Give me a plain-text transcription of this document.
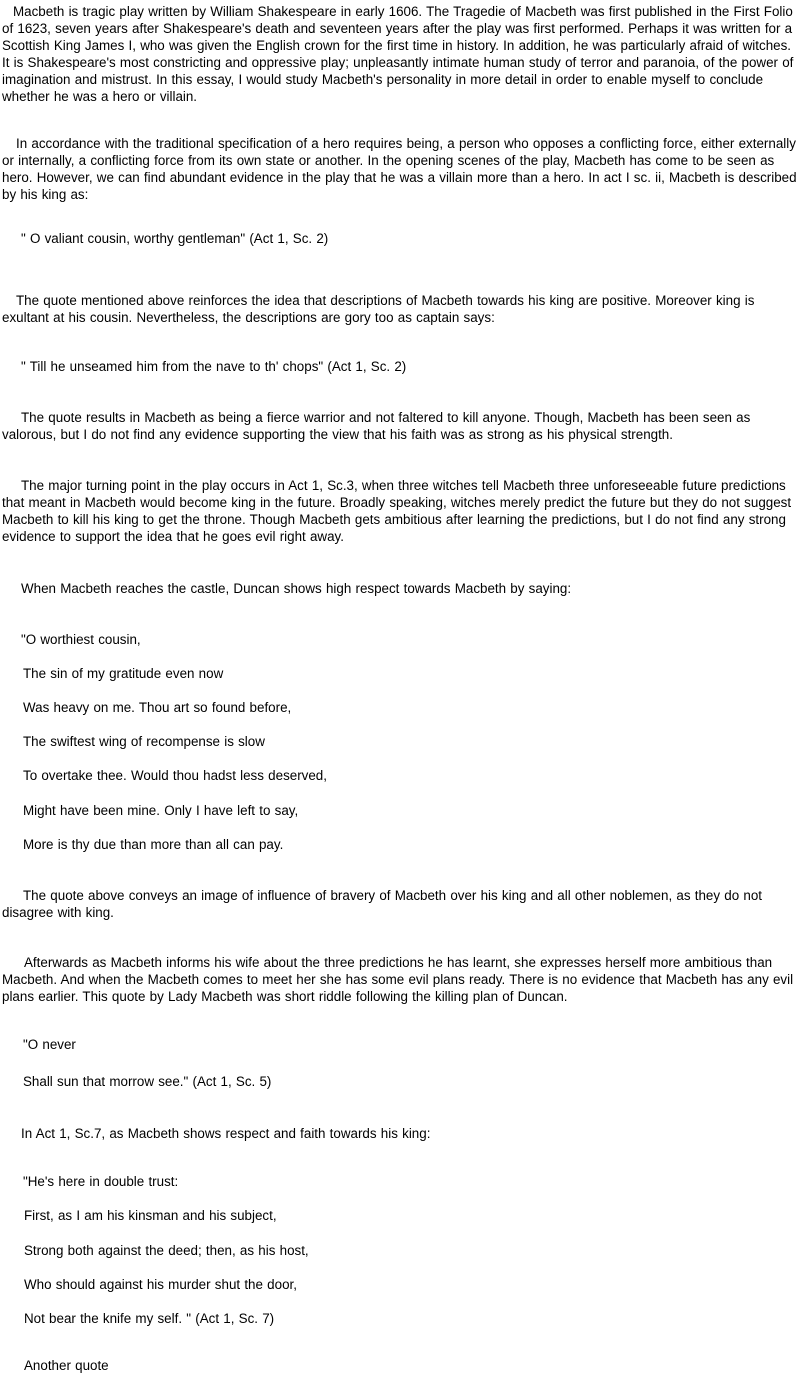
Macbeth is tragic play written by William Shakespeare in early 1606. The Tragedie of Macbeth was first published in the First Folio of 1623, seven years after Shakespeare's death and seventeen years after the play was first performed. Perhaps it was written for a Scottish King James I, who was given the English crown for the first time in history. In addition, he was particularly afraid of witches. It is Shakespeare's most constricting and oppressive play; unpleasantly intimate human study of terror and paranoia, of the power of imagination and mistrust. In this essay, I would study Macbeth's personality in more detail in order to enable myself to conclude whether he was a hero or villain.

In accordance with the traditional specification of a hero requires being, a person who opposes a conflicting force, either externally or internally, a conflicting force from its own state or another. In the opening scenes of the play, Macbeth has come to be seen as hero. However, we can find abundant evidence in the play that he was a villain more than a hero. In act I sc. ii, Macbeth is described by his king as:

" O valiant cousin, worthy gentleman" (Act 1, Sc. 2)

The quote mentioned above reinforces the idea that descriptions of Macbeth towards his king are positive. Moreover king is exultant at his cousin. Nevertheless, the descriptions are gory too as captain says:

" Till he unseamed him from the nave to th' chops" (Act 1, Sc. 2)

The quote results in Macbeth as being a fierce warrior and not faltered to kill anyone. Though, Macbeth has been seen as valorous, but I do not find any evidence supporting the view that his faith was as strong as his physical strength.

The major turning point in the play occurs in Act 1, Sc.3, when three witches tell Macbeth three unforeseeable future predictions that meant in Macbeth would become king in the future. Broadly speaking, witches merely predict the future but they do not suggest Macbeth to kill his king to get the throne. Though Macbeth gets ambitious after learning the predictions, but I do not find any strong evidence to support the idea that he goes evil right away.

When Macbeth reaches the castle, Duncan shows high respect towards Macbeth by saying:

"O worthiest cousin,

The sin of my gratitude even now

Was heavy on me. Thou art so found before,

The swiftest wing of recompense is slow

To overtake thee. Would thou hadst less deserved,

Might have been mine. Only I have left to say,

More is thy due than more than all can pay.

The quote above conveys an image of influence of bravery of Macbeth over his king and all other noblemen, as they do not disagree with king.

Afterwards as Macbeth informs his wife about the three predictions he has learnt, she expresses herself more ambitious than Macbeth. And when the Macbeth comes to meet her she has some evil plans ready. There is no evidence that Macbeth has any evil plans earlier. This quote by Lady Macbeth was short riddle following the killing plan of Duncan.

"O never

Shall sun that morrow see." (Act 1, Sc. 5)

In Act 1, Sc.7, as Macbeth shows respect and faith towards his king:

"He's here in double trust:

First, as I am his kinsman and his subject,

Strong both against the deed; then, as his host,

Who should against his murder shut the door,

Not bear the knife my self. " (Act 1, Sc. 7)

Another quote
